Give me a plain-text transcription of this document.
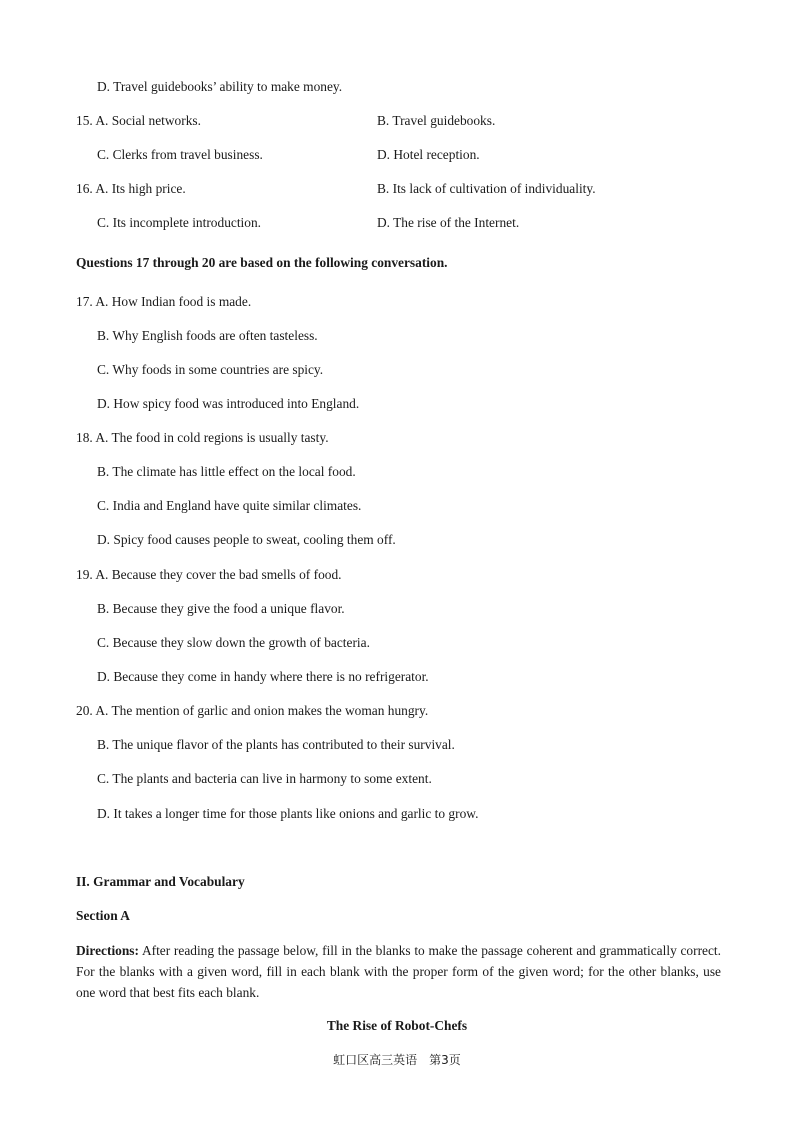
D. Travel guidebooks’ ability to make money.
15. A. Social networks.	B. Travel guidebooks.
C. Clerks from travel business.	D. Hotel reception.
16. A. Its high price.	B. Its lack of cultivation of individuality.
C. Its incomplete introduction.	D. The rise of the Internet.
Questions 17 through 20 are based on the following conversation.
17. A. How Indian food is made.
B. Why English foods are often tasteless.
C. Why foods in some countries are spicy.
D. How spicy food was introduced into England.
18. A. The food in cold regions is usually tasty.
B. The climate has little effect on the local food.
C. India and England have quite similar climates.
D. Spicy food causes people to sweat, cooling them off.
19. A. Because they cover the bad smells of food.
B. Because they give the food a unique flavor.
C. Because they slow down the growth of bacteria.
D. Because they come in handy where there is no refrigerator.
20. A. The mention of garlic and onion makes the woman hungry.
B. The unique flavor of the plants has contributed to their survival.
C. The plants and bacteria can live in harmony to some extent.
D. It takes a longer time for those plants like onions and garlic to grow.
II. Grammar and Vocabulary
Section A
Directions: After reading the passage below, fill in the blanks to make the passage coherent and grammatically correct. For the blanks with a given word, fill in each blank with the proper form of the given word; for the other blanks, use one word that best fits each blank.
The Rise of Robot-Chefs
虹口区高三英语　第3页
